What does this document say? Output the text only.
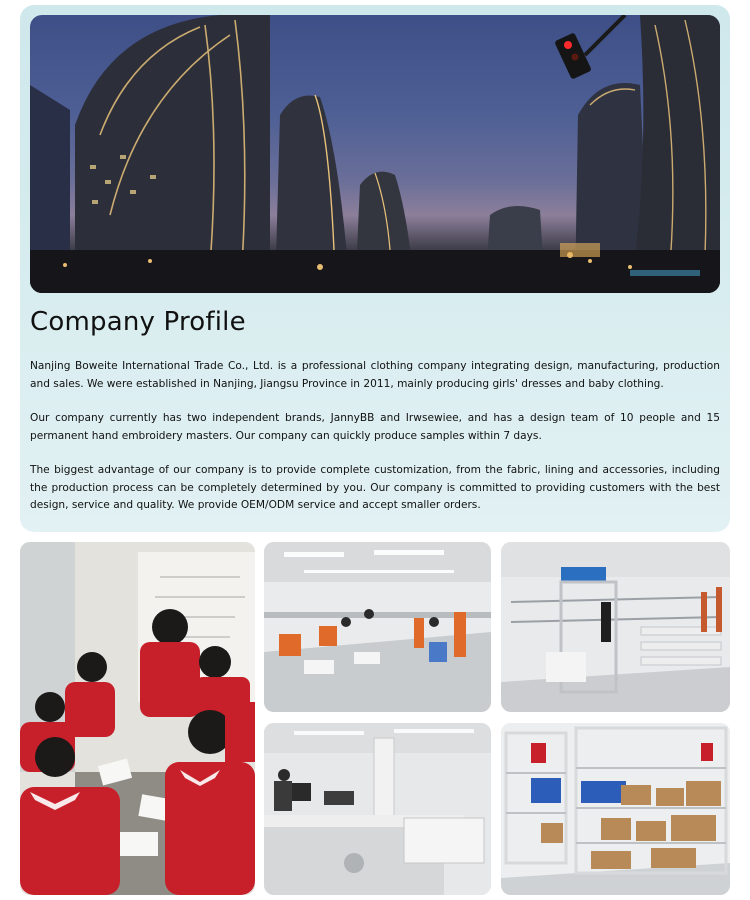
Company Profile

Nanjing Boweite International Trade Co., Ltd. is a professional clothing company integrating design, manufacturing, production and sales. We were established in Nanjing, Jiangsu Province in 2011, mainly producing girls' dresses and baby clothing.

Our company currently has two independent brands, JannyBB and Irwsewiee, and has a design team of 10 people and 15 permanent hand embroidery masters. Our company can quickly produce samples within 7 days.

The biggest advantage of our company is to provide complete customization, from the fabric, lining and accessories, including the production process can be completely determined by you. Our company is committed to providing customers with the best design, service and quality. We provide OEM/ODM service and accept smaller orders.
